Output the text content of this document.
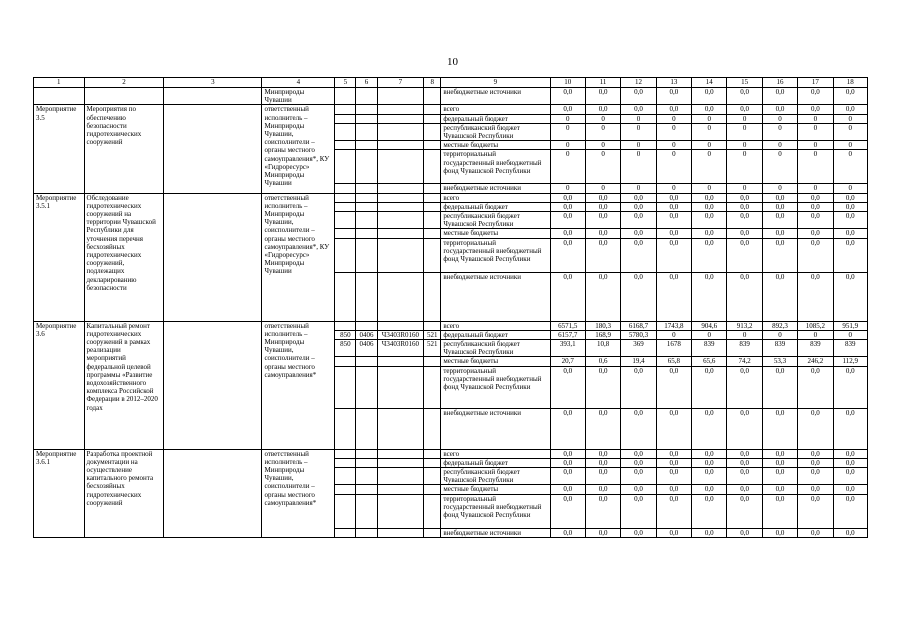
10
1	2	3	4	5	6	7	8	9	10	11	12	13	14	15	16	17	18
			Минприроды Чувашии					внебюджетные источники	0,0	0,0	0,0	0,0	0,0	0,0	0,0	0,0	0,0
Мероприятие 3.5	Мероприятия по обеспечению безопасности гидротехнических сооружений		ответственный исполнитель – Минприроды Чувашии, соисполнители – органы местного самоуправления*, КУ «Гидроресурс» Минприроды Чувашии					всего	0,0	0,0	0,0	0,0	0,0	0,0	0,0	0,0	0,0
								федеральный бюджет	0	0	0	0	0	0	0	0	0
								республиканский бюджет Чувашской Республики	0	0	0	0	0	0	0	0	0
								местные бюджеты	0	0	0	0	0	0	0	0	0
								территориальный государственный внебюджетный фонд Чувашской Республики	0	0	0	0	0	0	0	0	0
								внебюджетные источники	0	0	0	0	0	0	0	0	0
Мероприятие 3.5.1	Обследование гидротехнических сооружений на территории Чувашской Республики для уточнения перечня бесхозяйных гидротехнических сооружений, подлежащих декларированию безопасности		ответственный исполнитель – Минприроды Чувашии, соисполнители – органы местного самоуправления*, КУ «Гидроресурс» Минприроды Чувашии					всего	0,0	0,0	0,0	0,0	0,0	0,0	0,0	0,0	0,0
								федеральный бюджет	0,0	0,0	0,0	0,0	0,0	0,0	0,0	0,0	0,0
								республиканский бюджет Чувашской Республики	0,0	0,0	0,0	0,0	0,0	0,0	0,0	0,0	0,0
								местные бюджеты	0,0	0,0	0,0	0,0	0,0	0,0	0,0	0,0	0,0
								территориальный государственный внебюджетный фонд Чувашской Республики	0,0	0,0	0,0	0,0	0,0	0,0	0,0	0,0	0,0
								внебюджетные источники	0,0	0,0	0,0	0,0	0,0	0,0	0,0	0,0	0,0
Мероприятие 3.6	Капитальный ремонт гидротехнических сооружений в рамках реализации мероприятий федеральной целевой программы «Развитие водохозяйственного комплекса Российской Федерации в 2012–2020 годах		ответственный исполнитель – Минприроды Чувашии, соисполнители – органы местного самоуправления*					всего	6571,5	180,3	6168,7	1743,8	904,6	913,2	892,3	1085,2	951,9
				850	0406	Ч3403R0160	521	федеральный бюджет	6157,7	168,9	5780,3	0	0	0	0	0	0
				850	0406	Ч3403R0160	521	республиканский бюджет Чувашской Республики	393,1	10,8	369	1678	839	839	839	839	839
								местные бюджеты	20,7	0,6	19,4	65,8	65,6	74,2	53,3	246,2	112,9
								территориальный государственный внебюджетный фонд Чувашской Республики	0,0	0,0	0,0	0,0	0,0	0,0	0,0	0,0	0,0
								внебюджетные источники	0,0	0,0	0,0	0,0	0,0	0,0	0,0	0,0	0,0
Мероприятие 3.6.1	Разработка проектной документации на осуществление капитального ремонта бесхозяйных гидротехнических сооружений		ответственный исполнитель – Минприроды Чувашии, соисполнители – органы местного самоуправления*					всего	0,0	0,0	0,0	0,0	0,0	0,0	0,0	0,0	0,0
								федеральный бюджет	0,0	0,0	0,0	0,0	0,0	0,0	0,0	0,0	0,0
								республиканский бюджет Чувашской Республики	0,0	0,0	0,0	0,0	0,0	0,0	0,0	0,0	0,0
								местные бюджеты	0,0	0,0	0,0	0,0	0,0	0,0	0,0	0,0	0,0
								территориальный государственный внебюджетный фонд Чувашской Республики	0,0	0,0	0,0	0,0	0,0	0,0	0,0	0,0	0,0
								внебюджетные источники	0,0	0,0	0,0	0,0	0,0	0,0	0,0	0,0	0,0
